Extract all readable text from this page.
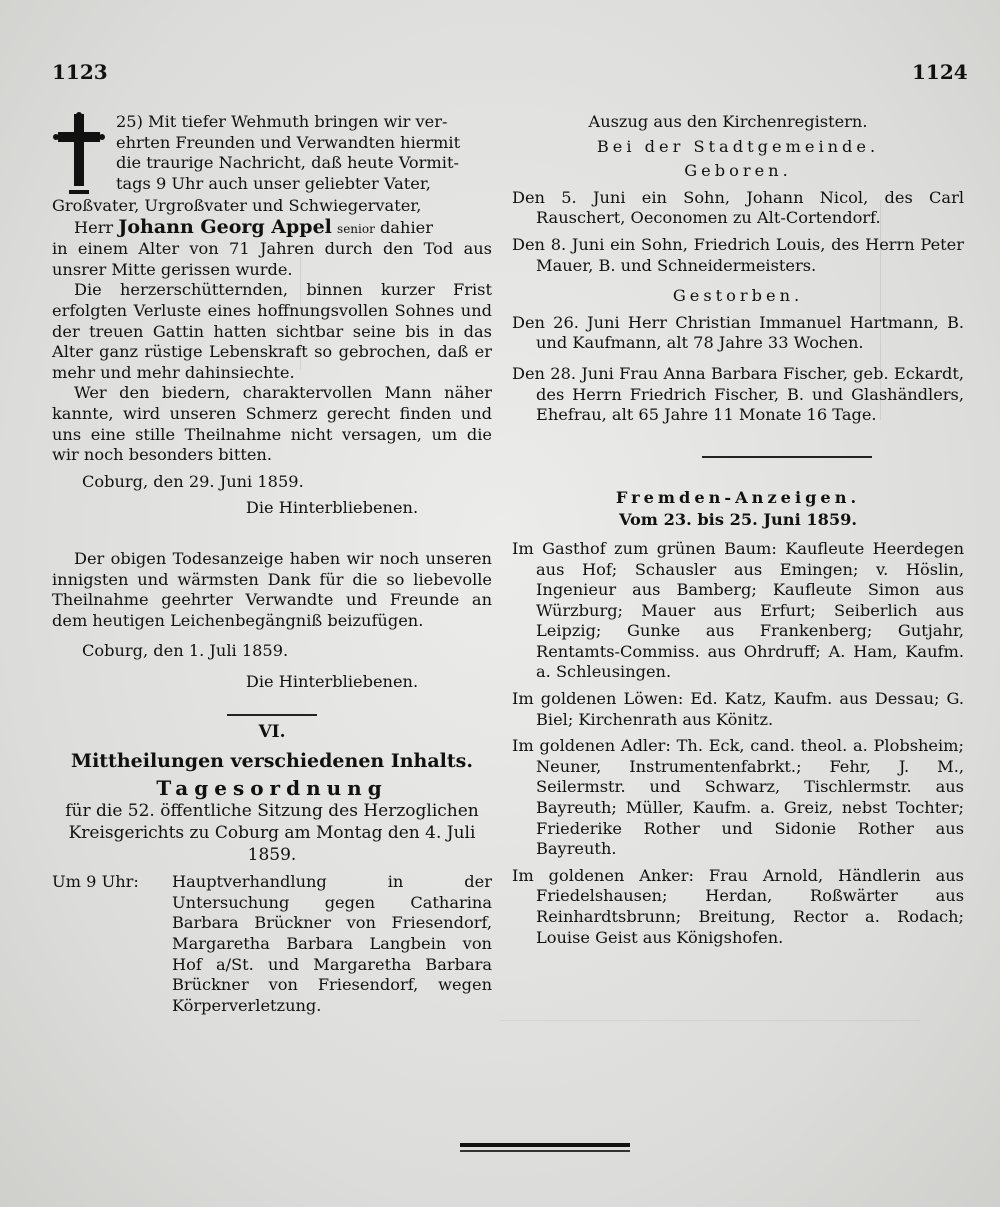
1123	1124

25) Mit tiefer Wehmuth bringen wir ver-

ehrten Freunden und Verwandten hiermit

die traurige Nachricht, daß heute Vormit-

tags 9 Uhr auch unser geliebter Vater,

Großvater, Urgroßvater und Schwiegervater,

Herr Johann Georg Appel senior dahier

in einem Alter von 71 Jahren durch den Tod aus unsrer Mitte gerissen wurde.

Die herzerschütternden, binnen kurzer Frist erfolgten Verluste eines hoffnungsvollen Sohnes und der treuen Gattin hatten sichtbar seine bis in das Alter ganz rüstige Lebenskraft so gebrochen, daß er mehr und mehr dahinsiechte.

Wer den biedern, charaktervollen Mann näher kannte, wird unseren Schmerz gerecht finden und uns eine stille Theilnahme nicht versagen, um die wir noch besonders bitten.

Coburg, den 29. Juni 1859.

Die Hinterbliebenen.

Der obigen Todesanzeige haben wir noch unseren innigsten und wärmsten Dank für die so liebevolle Theilnahme geehrter Verwandte und Freunde an dem heutigen Leichenbegängniß beizufügen.

Coburg, den 1. Juli 1859.

Die Hinterbliebenen.

VI.
Mittheilungen verschiedenen Inhalts.
Tagesordnung

für die 52. öffentliche Sitzung des Herzoglichen Kreisgerichts zu Coburg am Montag den 4. Juli 1859.

Um 9 Uhr:	Hauptverhandlung in der Untersuchung gegen Catharina Barbara Brückner von Friesendorf, Margaretha Barbara Langbein von Hof a/St. und Margaretha Barbara Brückner von Friesendorf, wegen Körperverletzung.

Auszug aus den Kirchenregistern.

Bei der Stadtgemeinde.

Geboren.

Den 5. Juni ein Sohn, Johann Nicol, des Carl Rauschert, Oeconomen zu Alt-Cortendorf.

Den 8. Juni ein Sohn, Friedrich Louis, des Herrn Peter Mauer, B. und Schneidermeisters.

Gestorben.

Den 26. Juni Herr Christian Immanuel Hartmann, B. und Kaufmann, alt 78 Jahre 33 Wochen.

Den 28. Juni Frau Anna Barbara Fischer, geb. Eckardt, des Herrn Friedrich Fischer, B. und Glashändlers, Ehefrau, alt 65 Jahre 11 Monate 16 Tage.

Fremden-Anzeigen.

Vom 23. bis 25. Juni 1859.

Im Gasthof zum grünen Baum: Kaufleute Heerdegen aus Hof; Schausler aus Emingen; v. Höslin, Ingenieur aus Bamberg; Kaufleute Simon aus Würzburg; Mauer aus Erfurt; Seiberlich aus Leipzig; Gunke aus Frankenberg; Gutjahr, Rentamts-Commiss. aus Ohrdruff; A. Ham, Kaufm. a. Schleusingen.

Im goldenen Löwen: Ed. Katz, Kaufm. aus Dessau; G. Biel; Kirchenrath aus Könitz.

Im goldenen Adler: Th. Eck, cand. theol. a. Plobsheim; Neuner, Instrumentenfabrkt.; Fehr, J. M., Seilermstr. und Schwarz, Tischlermstr. aus Bayreuth; Müller, Kaufm. a. Greiz, nebst Tochter; Friederike Rother und Sidonie Rother aus Bayreuth.

Im goldenen Anker: Frau Arnold, Händlerin aus Friedelshausen; Herdan, Roßwärter aus Reinhardtsbrunn; Breitung, Rector a. Rodach; Louise Geist aus Königshofen.
